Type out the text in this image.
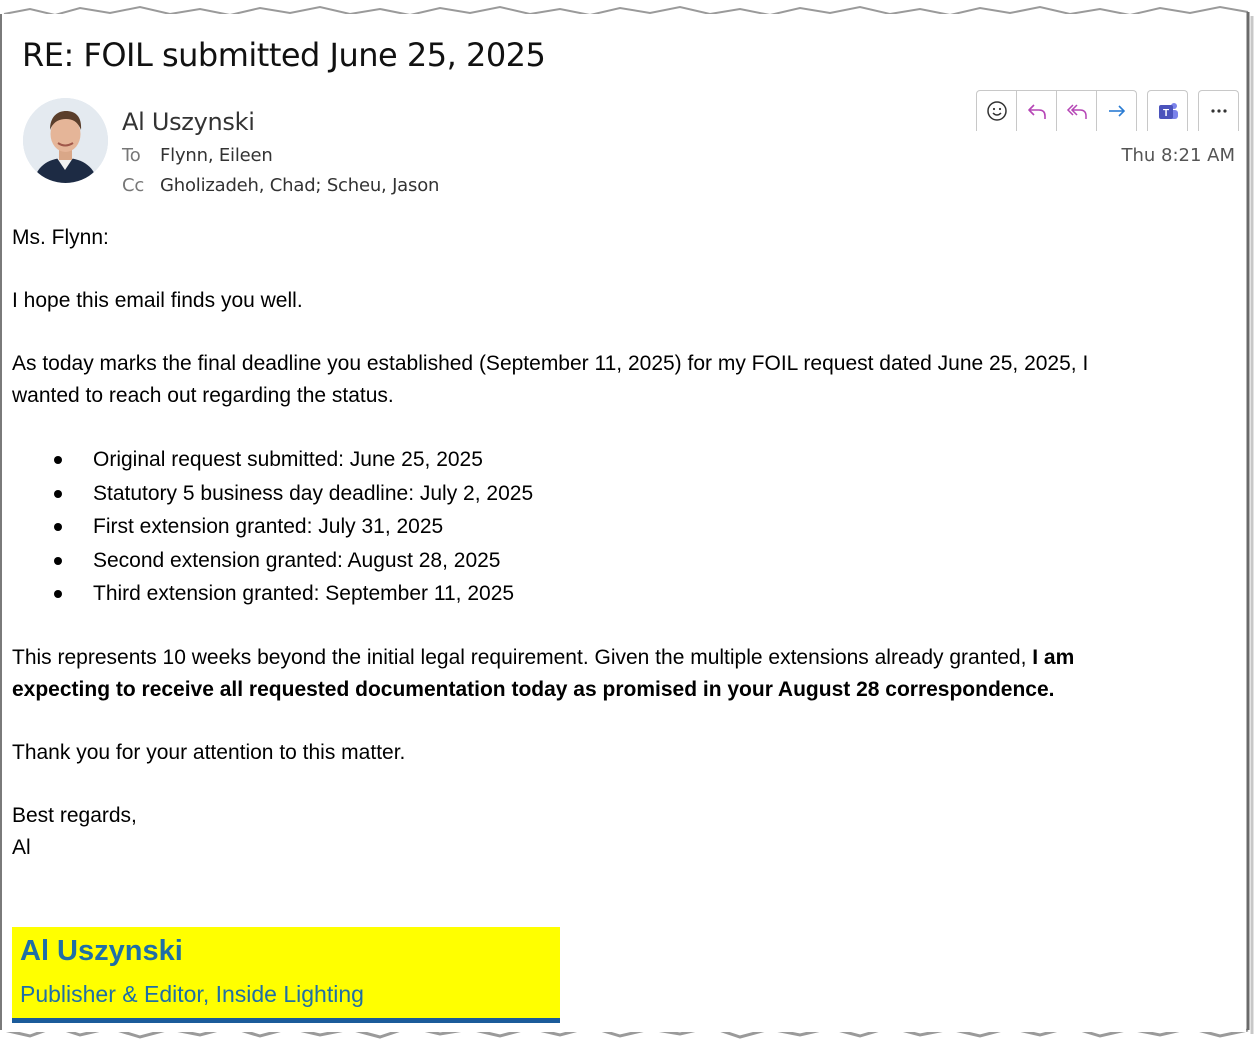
RE: FOIL submitted June 25, 2025
Al Uszynski
To Flynn, Eileen
Cc Gholizadeh, Chad; Scheu, Jason
Thu 8:21 AM
T

Ms. Flynn:

I hope this email finds you well.

As today marks the final deadline you established (September 11, 2025) for my FOIL request dated June 25, 2025, I

wanted to reach out regarding the status.

Original request submitted: June 25, 2025
Statutory 5 business day deadline: July 2, 2025
First extension granted: July 31, 2025
Second extension granted: August 28, 2025
Third extension granted: September 11, 2025

This represents 10 weeks beyond the initial legal requirement. Given the multiple extensions already granted, I am

expecting to receive all requested documentation today as promised in your August 28 correspondence.

Thank you for your attention to this matter.

Best regards,

Al

Al Uszynski
Publisher & Editor, Inside Lighting
